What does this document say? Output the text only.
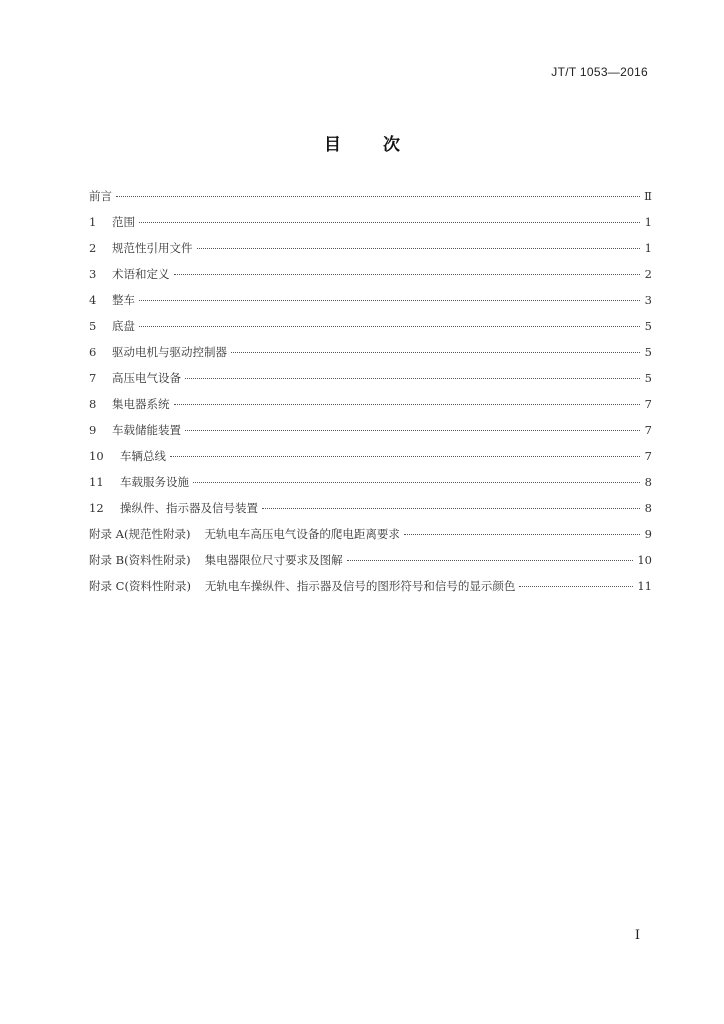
JT/T 1053—2016
目次
前言	Ⅱ
1	范围	1
2	规范性引用文件	1
3	术语和定义	2
4	整车	3
5	底盘	5
6	驱动电机与驱动控制器	5
7	高压电气设备	5
8	集电器系统	7
9	车载储能装置	7
10	车辆总线	7
11	车载服务设施	8
12	操纵件、指示器及信号装置	8
附录 A(规范性附录) 无轨电车高压电气设备的爬电距离要求	9
附录 B(资料性附录) 集电器限位尺寸要求及图解	10
附录 C(资料性附录) 无轨电车操纵件、指示器及信号的图形符号和信号的显示颜色	11
I
